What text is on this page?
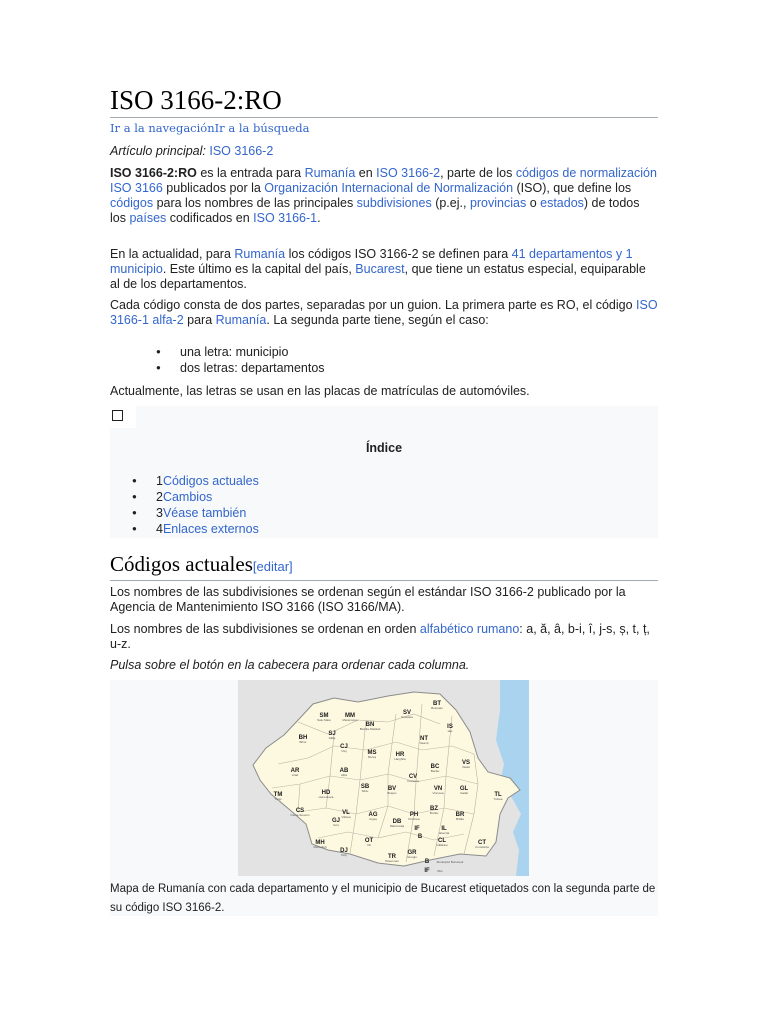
ISO 3166-2:RO
Ir a la navegaciónIr a la búsqueda

Artículo principal: ISO 3166-2

ISO 3166-2:RO es la entrada para Rumanía en ISO 3166-2, parte de los códigos de normalización ISO 3166 publicados por la Organización Internacional de Normalización (ISO), que define los códigos para los nombres de las principales subdivisiones (p.ej., provincias o estados) de todos los países codificados en ISO 3166-1.

En la actualidad, para Rumanía los códigos ISO 3166-2 se definen para 41 departamentos y 1 municipio. Este último es la capital del país, Bucarest, que tiene un estatus especial, equiparable al de los departamentos.

Cada código consta de dos partes, separadas por un guion. La primera parte es RO, el código ISO 3166-1 alfa-2 para Rumanía. La segunda parte tiene, según el caso:

● una letra: municipio
● dos letras: departamentos

Actualmente, las letras se usan en las placas de matrículas de automóviles.

Índice
● 1Códigos actuales
● 2Cambios
● 3Véase también
● 4Enlaces externos
Códigos actuales[editar]

Los nombres de las subdivisiones se ordenan según el estándar ISO 3166-2 publicado por la Agencia de Mantenimiento ISO 3166 (ISO 3166/MA).

Los nombres de las subdivisiones se ordenan en orden alfabético rumano: a, ă, â, b-i, î, j-s, ș, t, ț, u-z.

Pulsa sobre el botón en la cabecera para ordenar cada columna.

SM	MM	SV
BT
BH
SJ
BN	IS
NT
CJ
MS	HR
BC
VS
AR	AB
TM	HD
SB	BV
CV
VN	GL
TL
CS	VL	AG	PH
BZ
BR
GJ	DB
IL
IF
B
CL	CT
MH	OT
DJ
TR
GR
B
IF
Satu Mare	Maramureș
Suceava
Botoșani
Bihor
Sălaj
Bistrița-Năsăud	Iași
Neamț
Cluj
Mureș	Harghita
Bacău
Vaslui
Arad	Alba
Timiș	Hunedoara
Sibiu	Brașov
Covasna
Vrancea	Galați
Tulcea
Caraș-Severin	Vâlcea	Argeș	Prahova
Buzău
Brăila
Gorj	Dâmbovița
Ialomița
Călărași	Constanța
Mehedinți	Olt
Dolj
Teleorman
Giurgiu
Municipiul București
Ilfov
Mapa de Rumanía con cada departamento y el municipio de Bucarest etiquetados con la segunda parte de su código ISO 3166-2.
